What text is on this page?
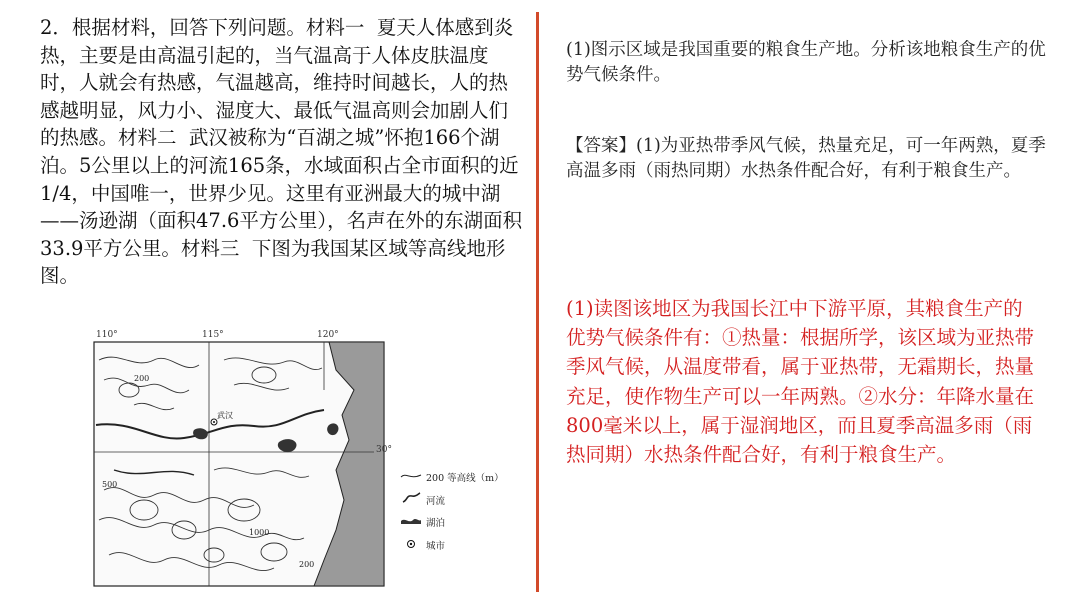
2．根据材料，回答下列问题。材料一  夏天人体感到炎热，主要是由高温引起的，当气温高于人体皮肤温度时，人就会有热感，气温越高，维持时间越长，人的热感越明显，风力小、湿度大、最低气温高则会加剧人们的热感。材料二  武汉被称为“百湖之城”怀抱166个湖泊。5公里以上的河流165条，水域面积占全市面积的近1/4，中国唯一，世界少见。这里有亚洲最大的城中湖——汤逊湖（面积47.6平方公里），名声在外的东湖面积33.9平方公里。材料三  下图为我国某区域等高线地形图。
110°	115°	120°
30°
武汉
200
500
1000
200
200 等高线（m）
河流
湖泊
城市
(1)图示区域是我国重要的粮食生产地。分析该地粮食生产的优势气候条件。
【答案】(1)为亚热带季风气候，热量充足，可一年两熟，夏季高温多雨（雨热同期）水热条件配合好，有利于粮食生产。
(1)读图该地区为我国长江中下游平原，其粮食生产的优势气候条件有：①热量：根据所学，该区域为亚热带季风气候，从温度带看，属于亚热带，无霜期长，热量充足，使作物生产可以一年两熟。②水分：年降水量在800毫米以上，属于湿润地区，而且夏季高温多雨（雨热同期）水热条件配合好，有利于粮食生产。
